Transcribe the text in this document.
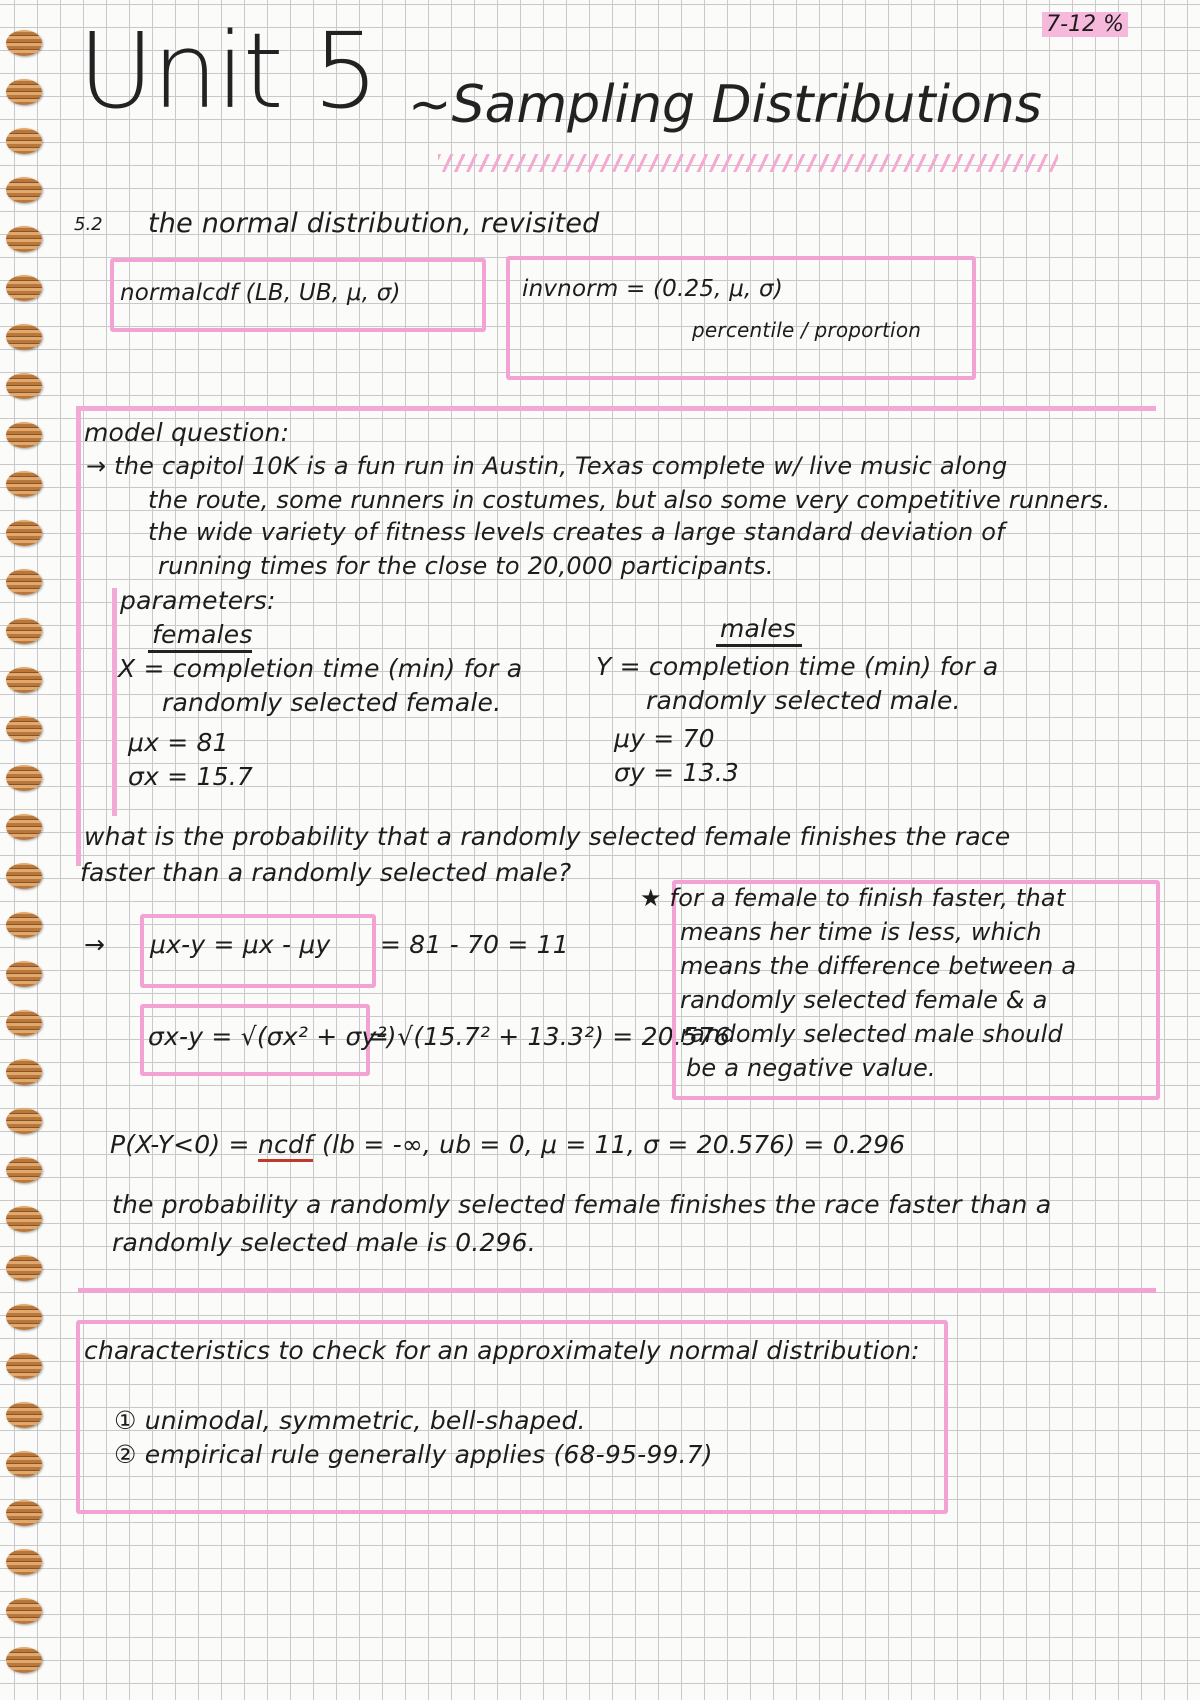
7-12 %
Unit 5 ~Sampling Distributions
5.2 the normal distribution, revisited
normalcdf (LB, UB, μ, σ)	invnorm = (0.25, μ, σ)
percentile / proportion
model question:
→ the capitol 10K is a fun run in Austin, Texas complete w/ live music along
the route, some runners in costumes, but also some very competitive runners.
the wide variety of fitness levels creates a large standard deviation of
running times for the close to 20,000 participants.
parameters:
females	males
X = completion time (min) for a
randomly selected female.
μx = 81
σx = 15.7
Y = completion time (min) for a
randomly selected male.
μy = 70
σy = 13.3
what is the probability that a randomly selected female finishes the race
faster than a randomly selected male?
→ μx-y = μx - μy = 81 - 70 = 11
σx-y = √(σx² + σy²)
= √(15.7² + 13.3²) = 20.576
★ for a female to finish faster, that
means her time is less, which
means the difference between a
randomly selected female & a
randomly selected male should
be a negative value.
P(X-Y<0) = ncdf (lb = -∞, ub = 0, μ = 11, σ = 20.576) = 0.296
the probability a randomly selected female finishes the race faster than a
randomly selected male is 0.296.
characteristics to check for an approximately normal distribution:
① unimodal, symmetric, bell-shaped.
② empirical rule generally applies (68-95-99.7)
